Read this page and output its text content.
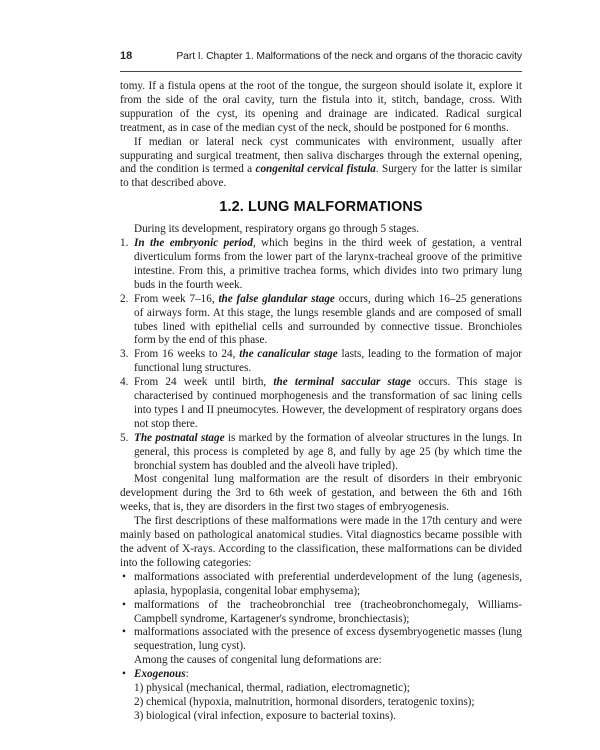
18	Part I. Chapter 1. Malformations of the neck and organs of the thoracic cavity

tomy. If a fistula opens at the root of the tongue, the surgeon should isolate it, explore it from the side of the oral cavity, turn the fistula into it, stitch, bandage, cross. With suppuration of the cyst, its opening and drainage are indicated. Radical surgical treatment, as in case of the median cyst of the neck, should be postponed for 6 months.

If median or lateral neck cyst communicates with environment, usually after suppurating and surgical treatment, then saliva discharges through the external opening, and the condition is termed a congenital cervical fistula. Surgery for the latter is similar to that described above.

1.2. LUNG MALFORMATIONS

During its development, respiratory organs go through 5 stages.

1. In the embryonic period, which begins in the third week of gestation, a ventral diverticulum forms from the lower part of the larynx-tracheal groove of the primitive intestine. From this, a primitive trachea forms, which divides into two primary lung buds in the fourth week.
2. From week 7–16, the false glandular stage occurs, during which 16–25 generations of airways form. At this stage, the lungs resemble glands and are composed of small tubes lined with epithelial cells and surrounded by connective tissue. Bronchioles form by the end of this phase.
3. From 16 weeks to 24, the canalicular stage lasts, leading to the formation of major functional lung structures.
4. From 24 week until birth, the terminal saccular stage occurs. This stage is characterised by continued morphogenesis and the transformation of sac lining cells into types I and II pneumocytes. However, the development of respiratory organs does not stop there.
5. The postnatal stage is marked by the formation of alveolar structures in the lungs. In general, this process is completed by age 8, and fully by age 25 (by which time the bronchial system has doubled and the alveoli have tripled).

Most congenital lung malformation are the result of disorders in their embryonic development during the 3rd to 6th week of gestation, and between the 6th and 16th weeks, that is, they are disorders in the first two stages of embryogenesis.

The first descriptions of these malformations were made in the 17th century and were mainly based on pathological anatomical studies. Vital diagnostics became possible with the advent of X-rays. According to the classification, these malformations can be divided into the following categories:

• malformations associated with preferential underdevelopment of the lung (agenesis, aplasia, hypoplasia, congenital lobar emphysema);
• malformations of the tracheobronchial tree (tracheobronchomegaly, Williams-Campbell syndrome, Kartagener's syndrome, bronchiectasis);
• malformations associated with the presence of excess dysembryogenetic masses (lung sequestration, lung cyst).

Among the causes of congenital lung deformations are:

• Exogenous:
1) physical (mechanical, thermal, radiation, electromagnetic);
2) chemical (hypoxia, malnutrition, hormonal disorders, teratogenic toxins);
3) biological (viral infection, exposure to bacterial toxins).
